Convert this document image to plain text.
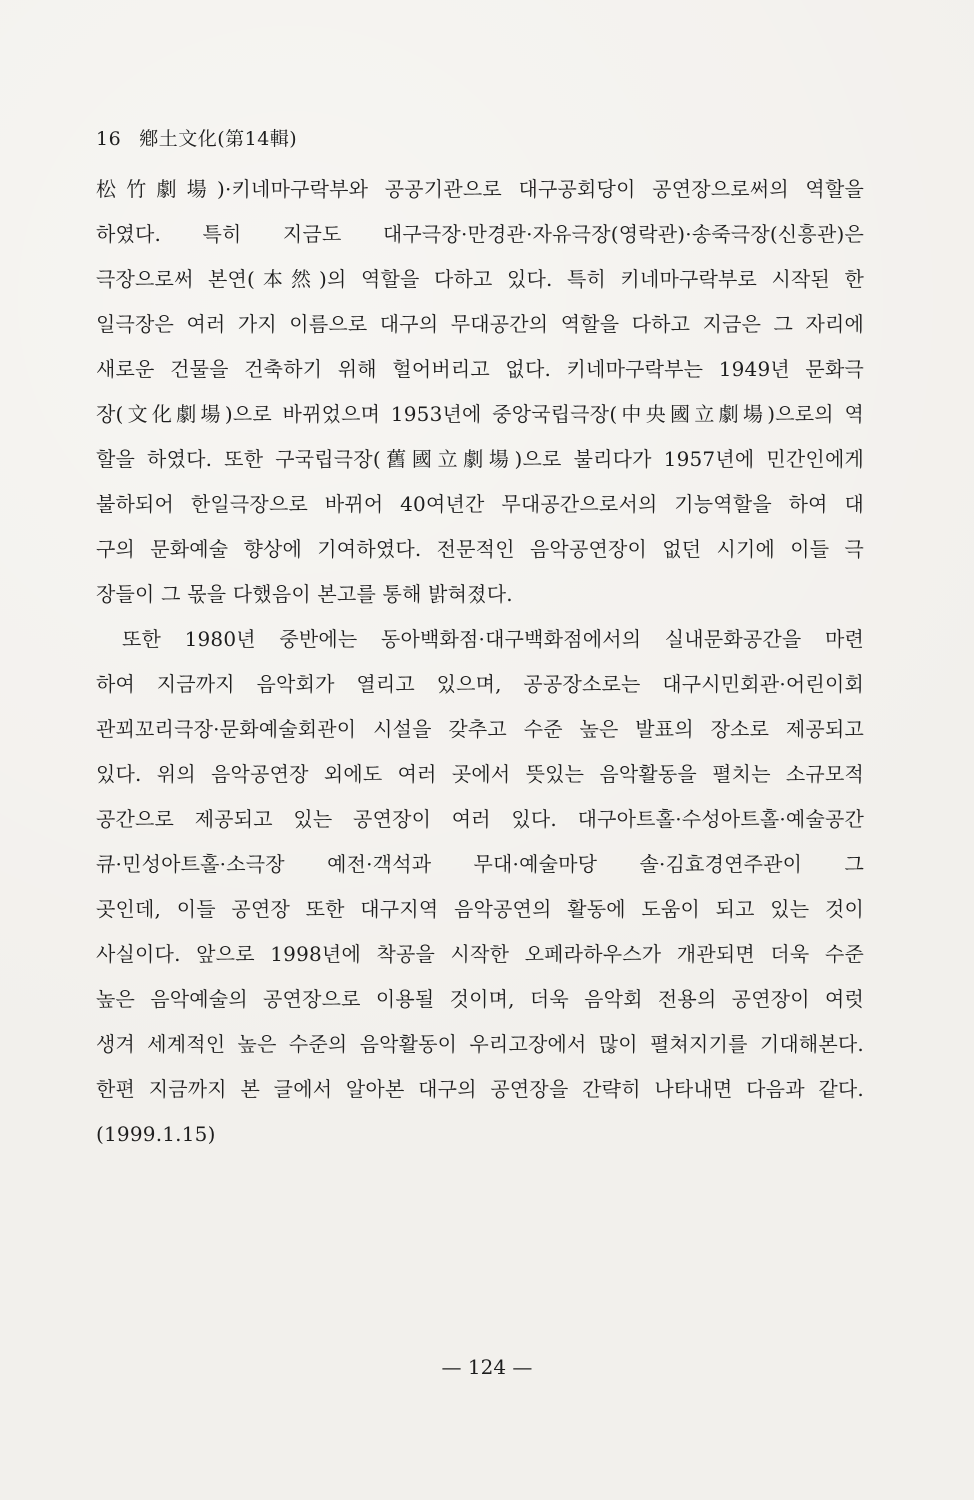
16 鄕土文化(第14輯)
松竹劇場)·키네마구락부와 공공기관으로 대구공회당이 공연장으로써의 역할을
하였다. 특히 지금도 대구극장·만경관·자유극장(영락관)·송죽극장(신흥관)은
극장으로써 본연(本然)의 역할을 다하고 있다. 특히 키네마구락부로 시작된 한
일극장은 여러 가지 이름으로 대구의 무대공간의 역할을 다하고 지금은 그 자리에
새로운 건물을 건축하기 위해 헐어버리고 없다. 키네마구락부는 1949년 문화극
장(文化劇場)으로 바뀌었으며 1953년에 중앙국립극장(中央國立劇場)으로의 역
할을 하였다. 또한 구국립극장(舊國立劇場)으로 불리다가 1957년에 민간인에게
불하되어 한일극장으로 바뀌어 40여년간 무대공간으로서의 기능역할을 하여 대
구의 문화예술 향상에 기여하였다. 전문적인 음악공연장이 없던 시기에 이들 극
장들이 그 몫을 다했음이 본고를 통해 밝혀졌다.
또한 1980년 중반에는 동아백화점·대구백화점에서의 실내문화공간을 마련
하여 지금까지 음악회가 열리고 있으며, 공공장소로는 대구시민회관·어린이회
관꾀꼬리극장·문화예술회관이 시설을 갖추고 수준 높은 발표의 장소로 제공되고
있다. 위의 음악공연장 외에도 여러 곳에서 뜻있는 음악활동을 펼치는 소규모적
공간으로 제공되고 있는 공연장이 여러 있다. 대구아트홀·수성아트홀·예술공간
큐·민성아트홀·소극장 예전·객석과 무대·예술마당 솔·김효경연주관이 그
곳인데, 이들 공연장 또한 대구지역 음악공연의 활동에 도움이 되고 있는 것이
사실이다. 앞으로 1998년에 착공을 시작한 오페라하우스가 개관되면 더욱 수준
높은 음악예술의 공연장으로 이용될 것이며, 더욱 음악회 전용의 공연장이 여럿
생겨 세계적인 높은 수준의 음악활동이 우리고장에서 많이 펼쳐지기를 기대해본다.
한편 지금까지 본 글에서 알아본 대구의 공연장을 간략히 나타내면 다음과 같다.
(1999.1.15)
— 124 —
